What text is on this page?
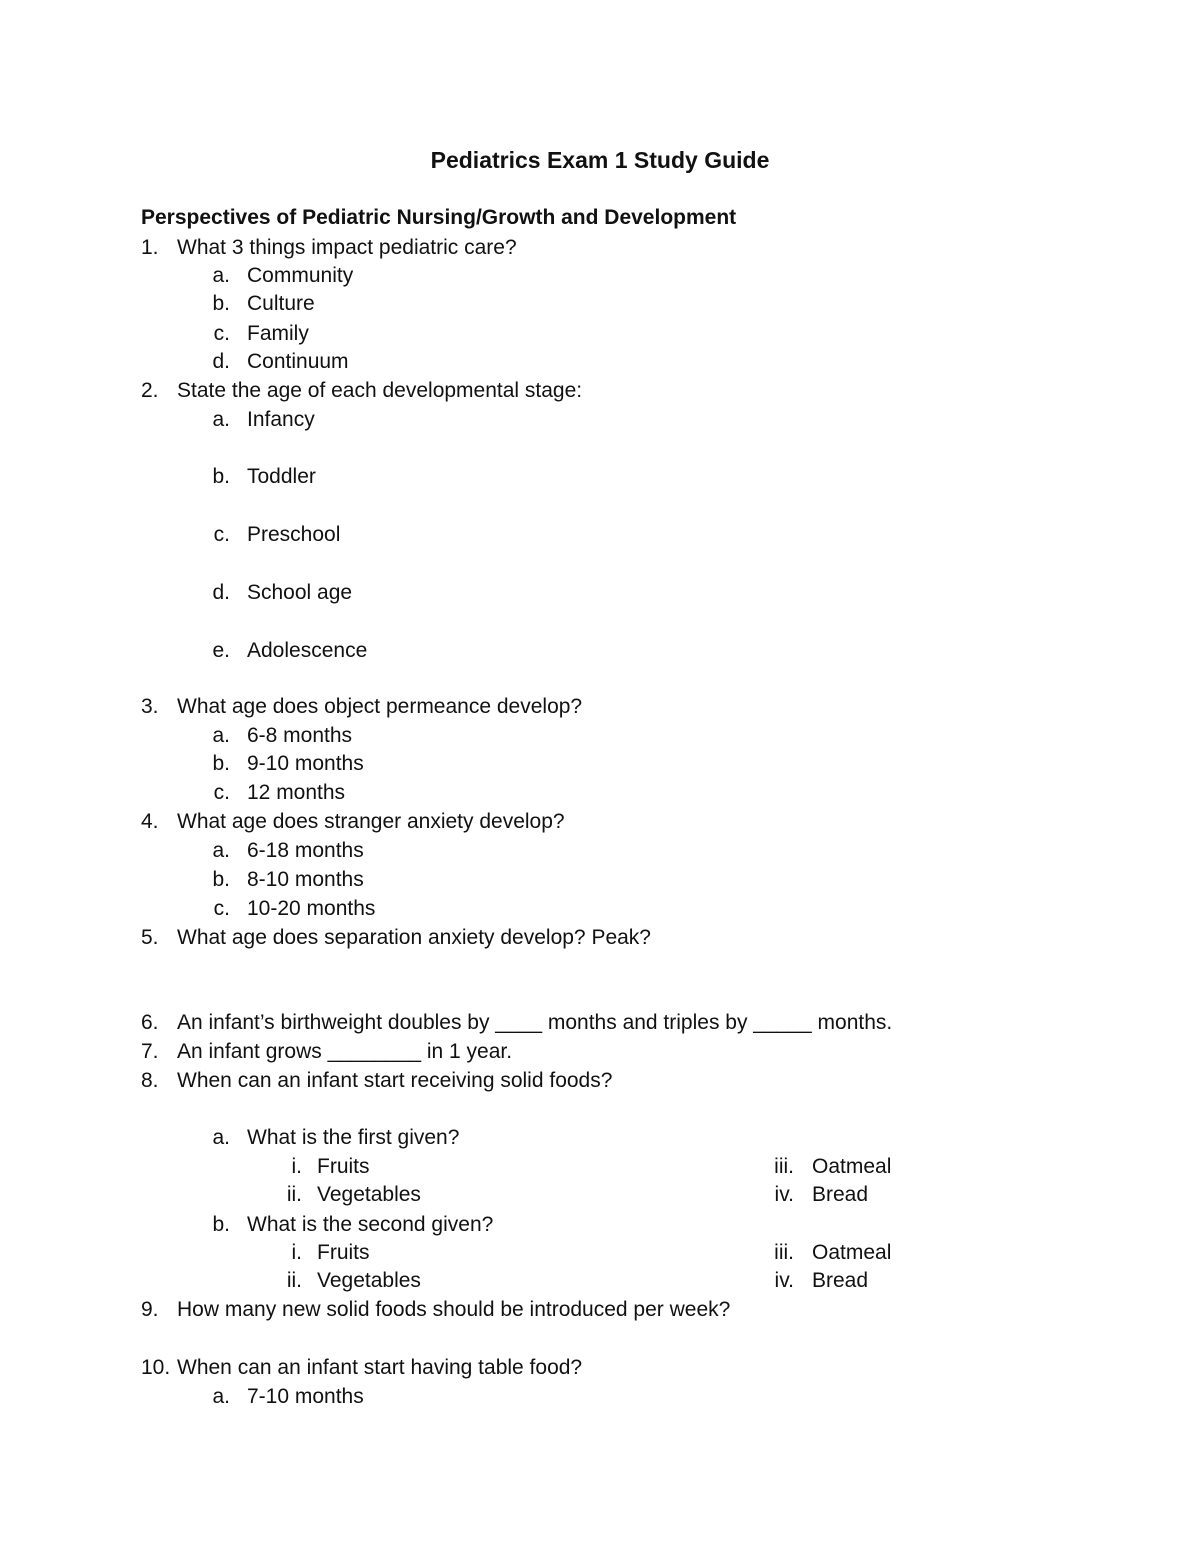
Pediatrics Exam 1 Study Guide
Perspectives of Pediatric Nursing/Growth and Development
1. What 3 things impact pediatric care?
a. Community
b. Culture
c. Family
d. Continuum
2. State the age of each developmental stage:
a. Infancy
b. Toddler
c. Preschool
d. School age
e. Adolescence
3. What age does object permeance develop?
a. 6-8 months
b. 9-10 months
c. 12 months
4. What age does stranger anxiety develop?
a. 6-18 months
b. 8-10 months
c. 10-20 months
5. What age does separation anxiety develop? Peak?
6. An infant’s birthweight doubles by ____ months and triples by _____ months.
7. An infant grows ________ in 1 year.
8. When can an infant start receiving solid foods?
a. What is the first given?
i. Fruits	iii. Oatmeal
ii. Vegetables	iv. Bread
b. What is the second given?
i. Fruits	iii. Oatmeal
ii. Vegetables	iv. Bread
9. How many new solid foods should be introduced per week?
10. When can an infant start having table food?
a. 7-10 months
